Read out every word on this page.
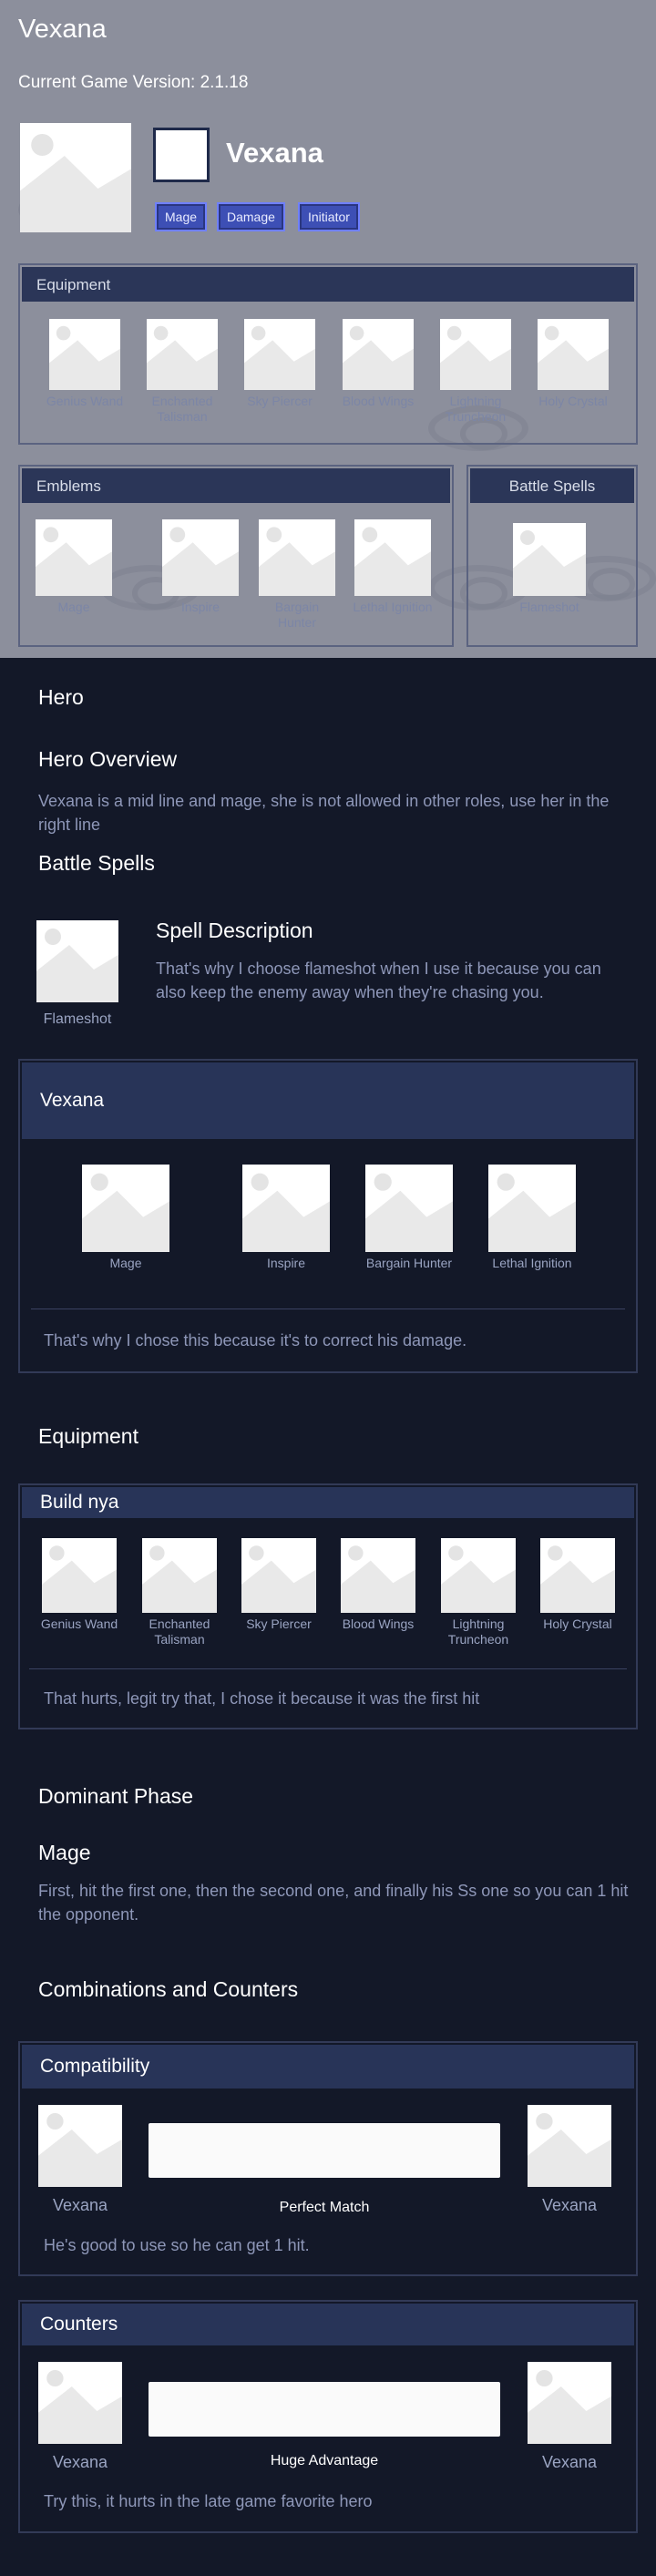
Vexana
Current Game Version: 2.1.18
Vexana
Mage	Damage	Initiator
Equipment
Genius Wand	Enchanted Talisman
Sky Piercer	Blood Wings	Lightning Truncheon
Holy Crystal
Emblems
Mage	Inspire	Bargain Hunter
Lethal Ignition
Battle Spells
Flameshot
Hero
Hero Overview
Vexana is a mid line and mage, she is not allowed in other roles, use her in the right line
Battle Spells
Flameshot
Spell Description
That's why I choose flameshot when I use it because you can also keep the enemy away when they're chasing you.
Vexana
Mage	Inspire	Bargain Hunter	Lethal Ignition
That's why I chose this because it's to correct his damage.
Equipment
Build nya
Genius Wand	Enchanted Talisman
Sky Piercer	Blood Wings	Lightning Truncheon
Holy Crystal
That hurts, legit try that, I chose it because it was the first hit
Dominant Phase
Mage
First, hit the first one, then the second one, and finally his Ss one so you can 1 hit the opponent.
Combinations and Counters
Compatibility
Vexana	Perfect Match	Vexana
He's good to use so he can get 1 hit.
Counters
Vexana	Huge Advantage	Vexana
Try this, it hurts in the late game favorite hero
